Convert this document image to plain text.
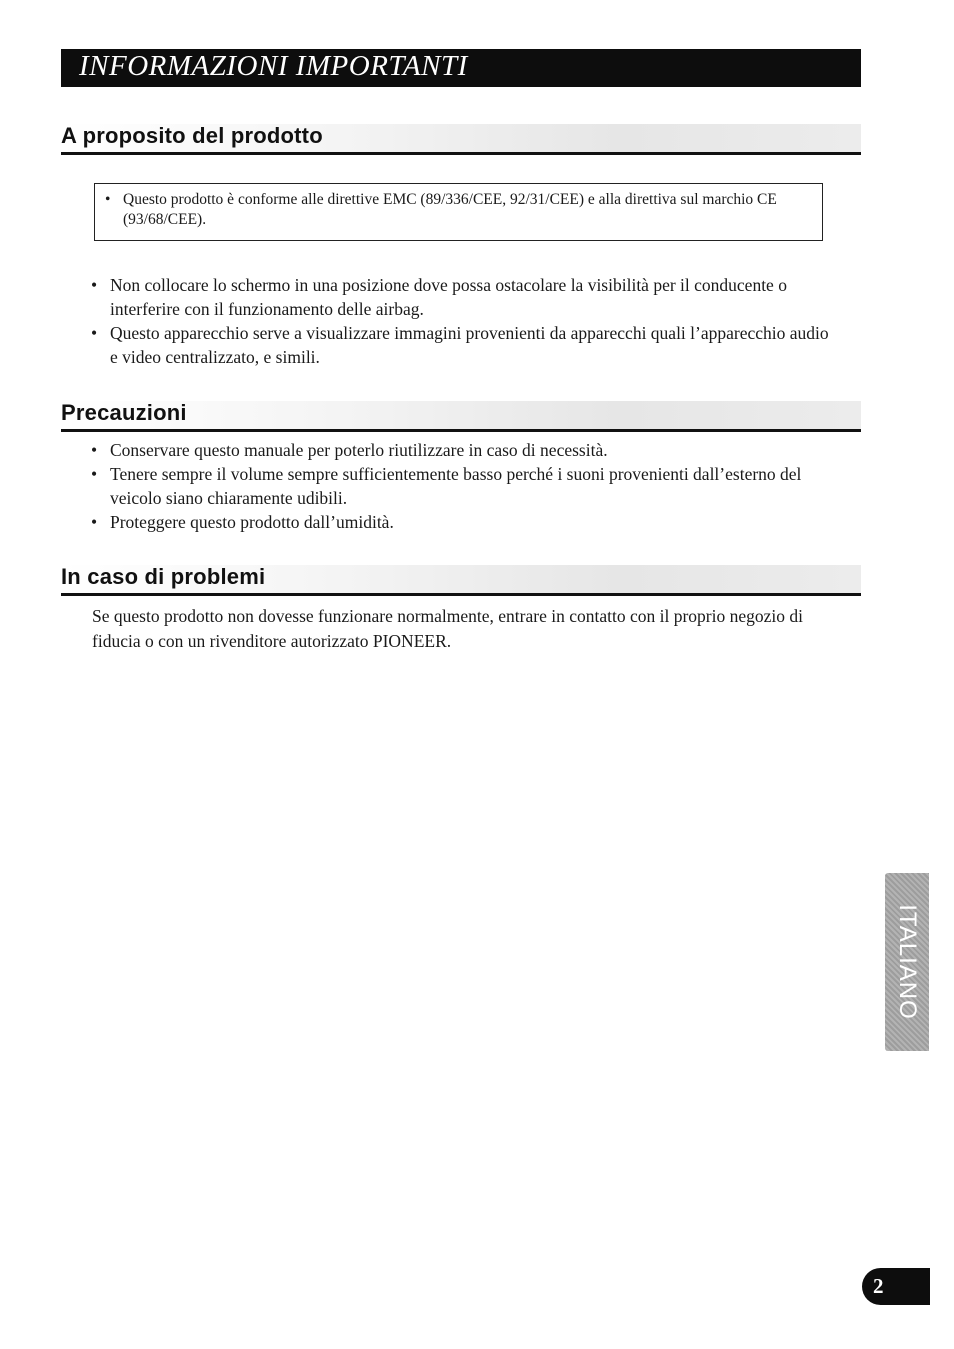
INFORMAZIONI IMPORTANTI
A proposito del prodotto
• Questo prodotto è conforme alle direttive EMC (89/336/CEE, 92/31/CEE) e alla direttiva sul marchio CE (93/68/CEE).
• Non collocare lo schermo in una posizione dove possa ostacolare la visibilità per il conducente o interferire con il funzionamento delle airbag.
• Questo apparecchio serve a visualizzare immagini provenienti da apparecchi quali l’apparecchio audio e video centralizzato, e simili.
Precauzioni
• Conservare questo manuale per poterlo riutilizzare in caso di necessità.
• Tenere sempre il volume sempre sufficientemente basso perché i suoni provenienti dall’esterno del veicolo siano chiaramente udibili.
• Proteggere questo prodotto dall’umidità.
In caso di problemi

Se questo prodotto non dovesse funzionare normalmente, entrare in contatto con il proprio negozio di fiducia o con un rivenditore autorizzato PIONEER.

ITALIANO
2
